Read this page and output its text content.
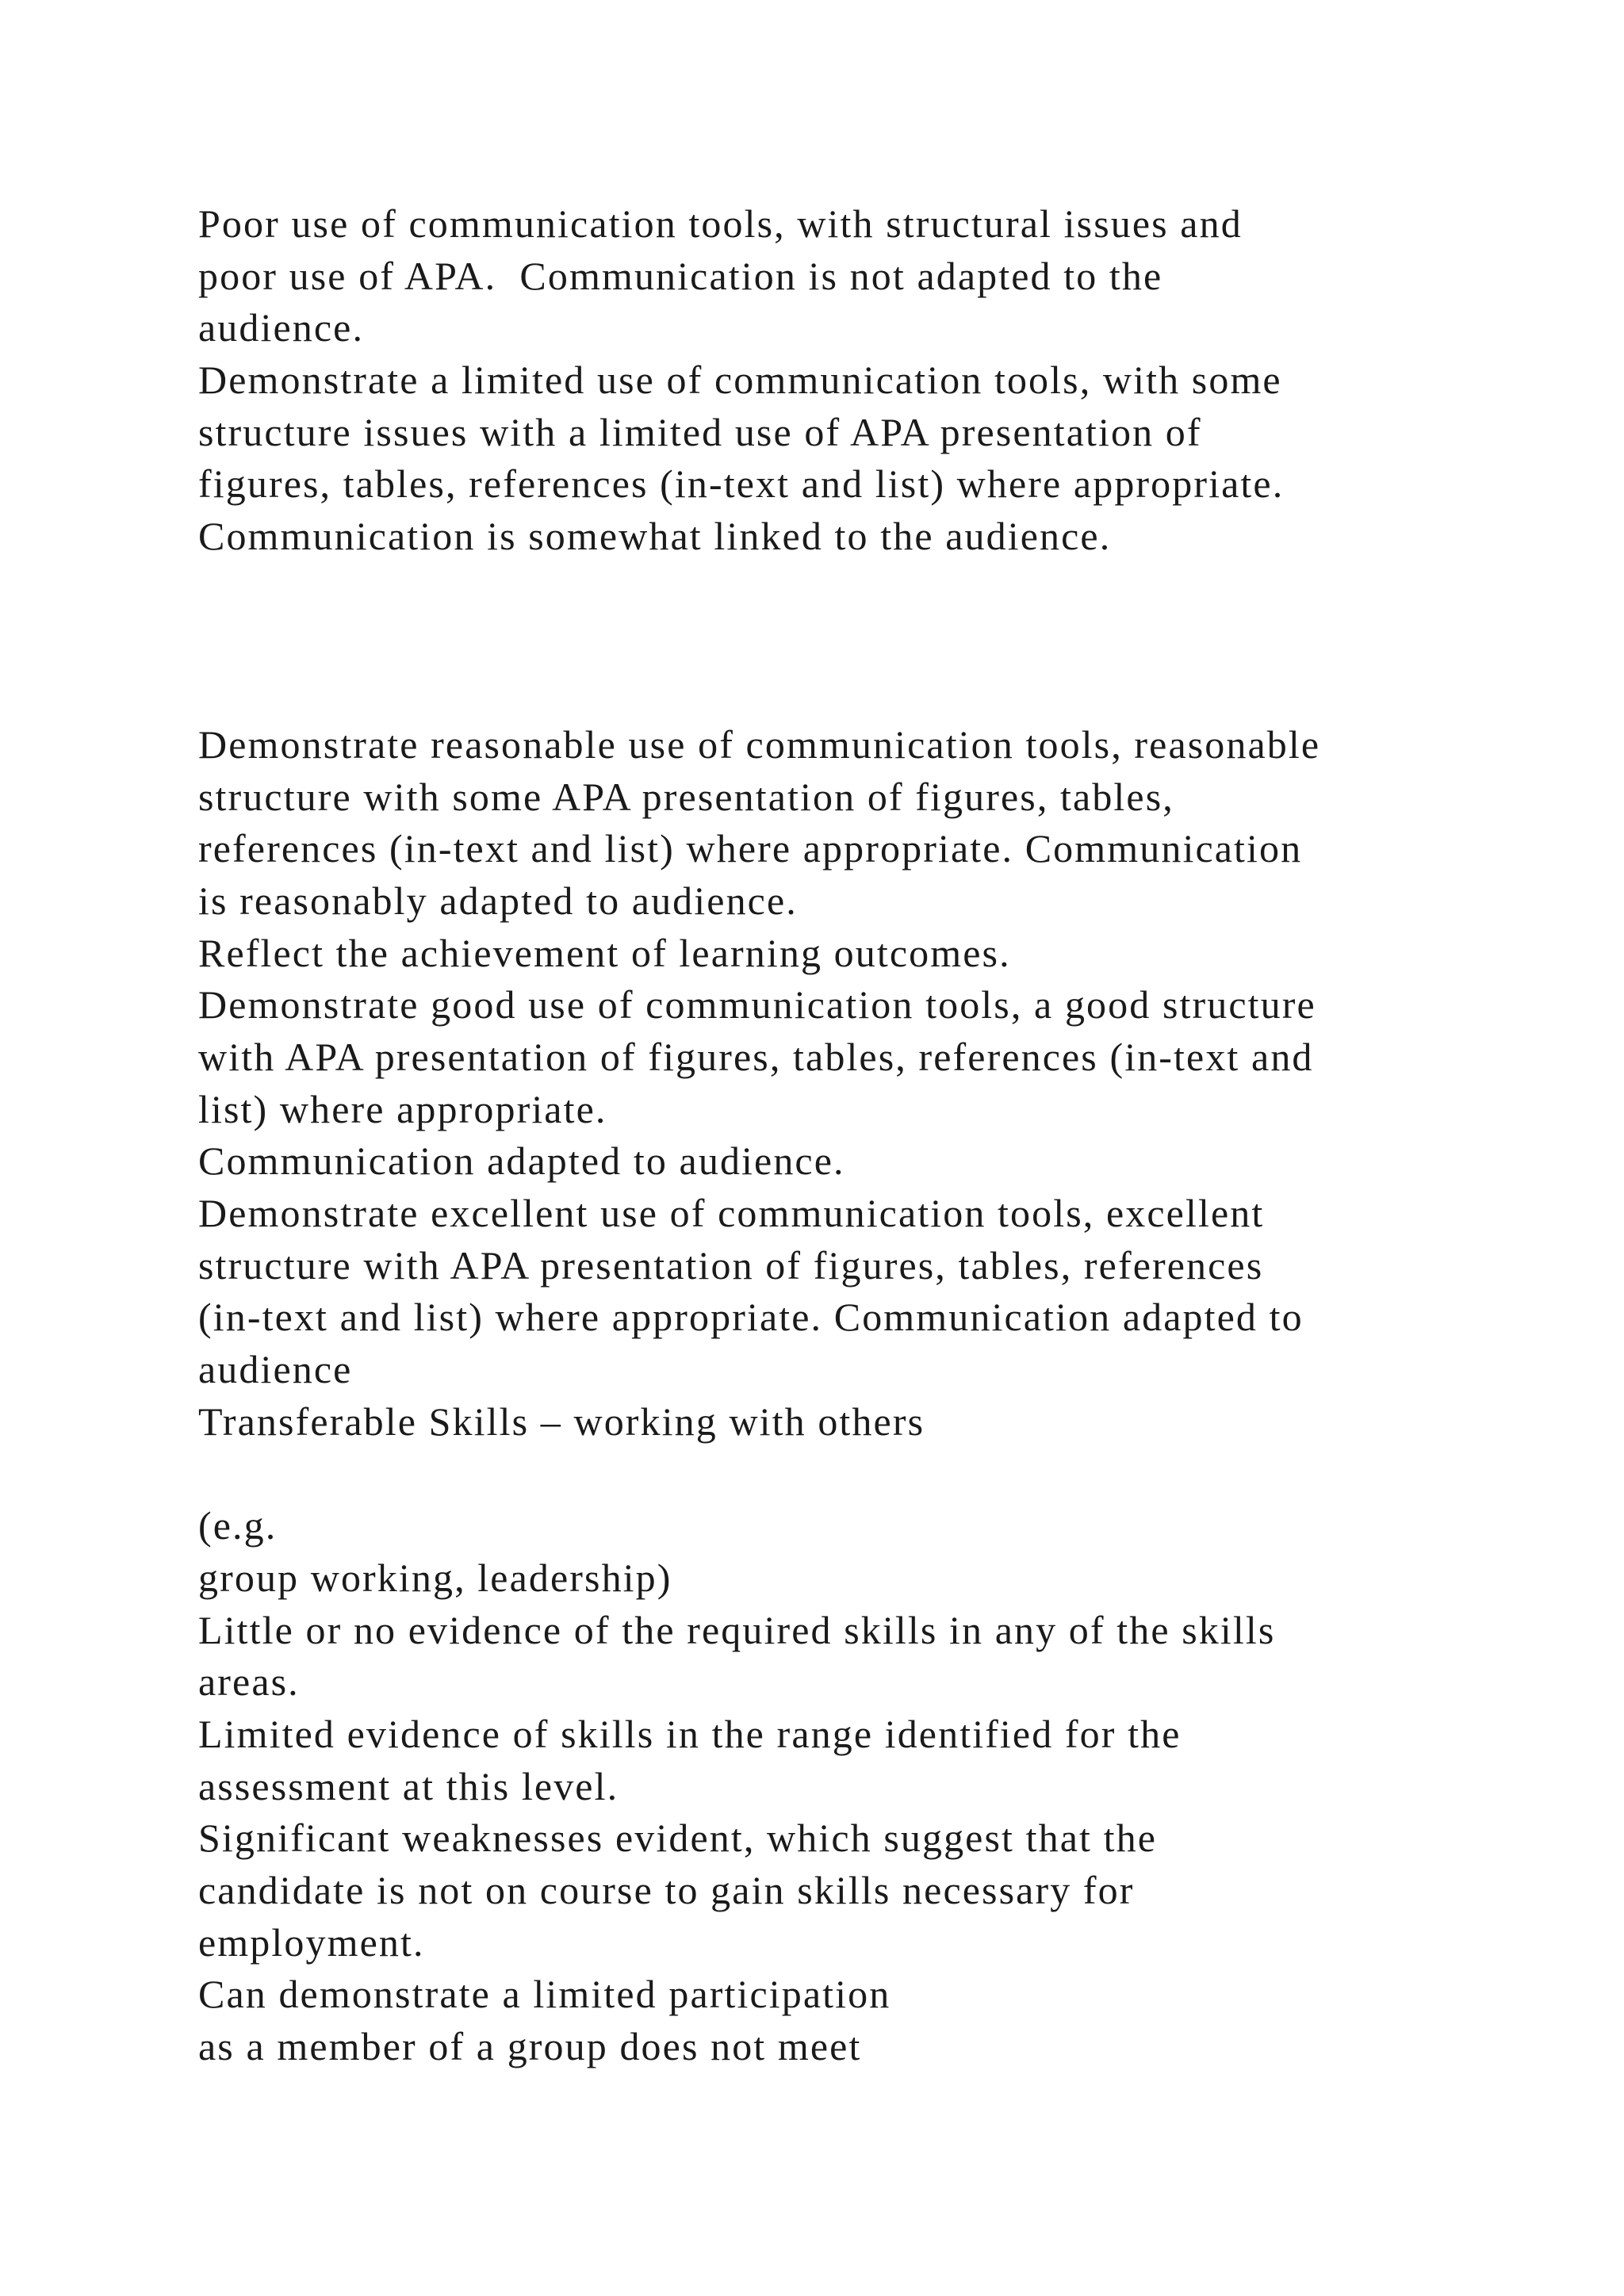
Poor use of communication tools, with structural issues and
poor use of APA.  Communication is not adapted to the
audience.
Demonstrate a limited use of communication tools, with some
structure issues with a limited use of APA presentation of
figures, tables, references (in-text and list) where appropriate.
Communication is somewhat linked to the audience.
Demonstrate reasonable use of communication tools, reasonable
structure with some APA presentation of figures, tables,
references (in-text and list) where appropriate. Communication
is reasonably adapted to audience.
Reflect the achievement of learning outcomes.
Demonstrate good use of communication tools, a good structure
with APA presentation of figures, tables, references (in-text and
list) where appropriate.
Communication adapted to audience.
Demonstrate excellent use of communication tools, excellent
structure with APA presentation of figures, tables, references
(in-text and list) where appropriate. Communication adapted to
audience
Transferable Skills – working with others
(e.g.
group working, leadership)
Little or no evidence of the required skills in any of the skills
areas.
Limited evidence of skills in the range identified for the
assessment at this level.
Significant weaknesses evident, which suggest that the
candidate is not on course to gain skills necessary for
employment.
Can demonstrate a limited participation
as a member of a group does not meet
